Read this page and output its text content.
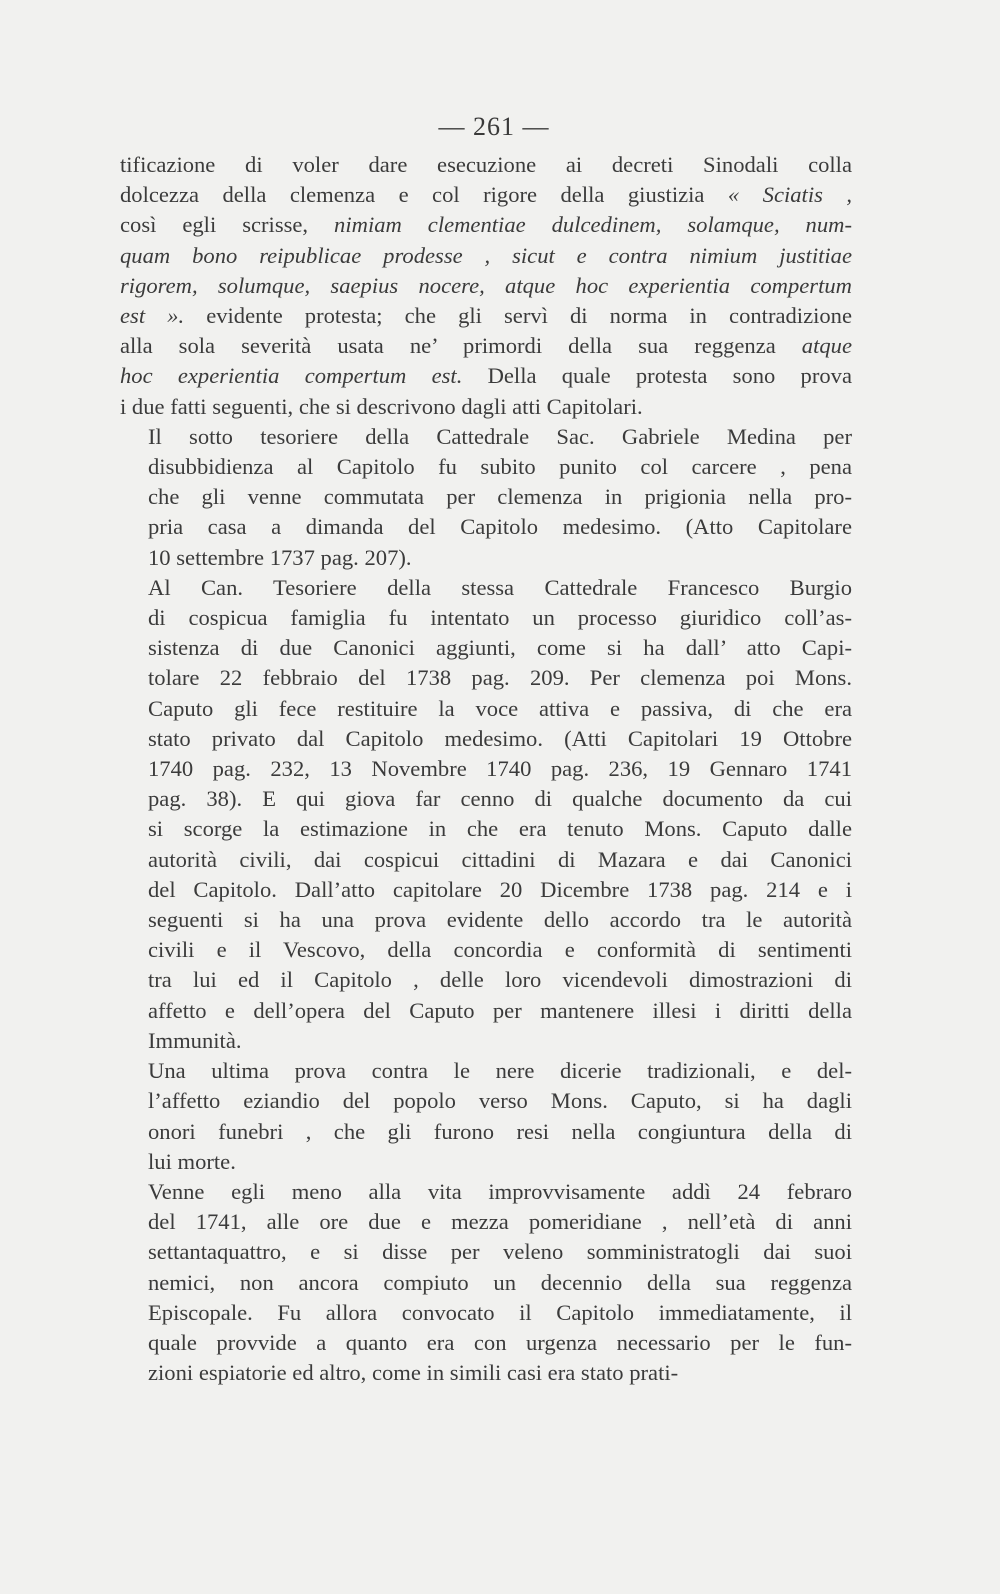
— 261 —
tificazione di voler dare esecuzione ai decreti Sinodali colla
dolcezza della clemenza e col rigore della giustizia « Sciatis ,
così egli scrisse, nimiam clementiae dulcedinem, solamque, num-
quam bono reipublicae prodesse , sicut e contra nimium justitiae
rigorem, solumque, saepius nocere, atque hoc experientia compertum
est ». evidente protesta; che gli servì di norma in contradizione
alla sola severità usata ne’ primordi della sua reggenza atque
hoc experientia compertum est. Della quale protesta sono prova
i due fatti seguenti, che si descrivono dagli atti Capitolari.
Il sotto tesoriere della Cattedrale Sac. Gabriele Medina per
disubbidienza al Capitolo fu subito punito col carcere , pena
che gli venne commutata per clemenza in prigionia nella pro-
pria casa a dimanda del Capitolo medesimo. (Atto Capitolare
10 settembre 1737 pag. 207).
Al Can. Tesoriere della stessa Cattedrale Francesco Burgio
di cospicua famiglia fu intentato un processo giuridico coll’as-
sistenza di due Canonici aggiunti, come si ha dall’ atto Capi-
tolare 22 febbraio del 1738 pag. 209. Per clemenza poi Mons.
Caputo gli fece restituire la voce attiva e passiva, di che era
stato privato dal Capitolo medesimo. (Atti Capitolari 19 Ottobre
1740 pag. 232, 13 Novembre 1740 pag. 236, 19 Gennaro 1741
pag. 38). E qui giova far cenno di qualche documento da cui
si scorge la estimazione in che era tenuto Mons. Caputo dalle
autorità civili, dai cospicui cittadini di Mazara e dai Canonici
del Capitolo. Dall’atto capitolare 20 Dicembre 1738 pag. 214 e i
seguenti si ha una prova evidente dello accordo tra le autorità
civili e il Vescovo, della concordia e conformità di sentimenti
tra lui ed il Capitolo , delle loro vicendevoli dimostrazioni di
affetto e dell’opera del Caputo per mantenere illesi i diritti della
Immunità.
Una ultima prova contra le nere dicerie tradizionali, e del-
l’affetto eziandio del popolo verso Mons. Caputo, si ha dagli
onori funebri , che gli furono resi nella congiuntura della di
lui morte.
Venne egli meno alla vita improvvisamente addì 24 febraro
del 1741, alle ore due e mezza pomeridiane , nell’età di anni
settantaquattro, e si disse per veleno somministratogli dai suoi
nemici, non ancora compiuto un decennio della sua reggenza
Episcopale. Fu allora convocato il Capitolo immediatamente, il
quale provvide a quanto era con urgenza necessario per le fun-
zioni espiatorie ed altro, come in simili casi era stato prati-
